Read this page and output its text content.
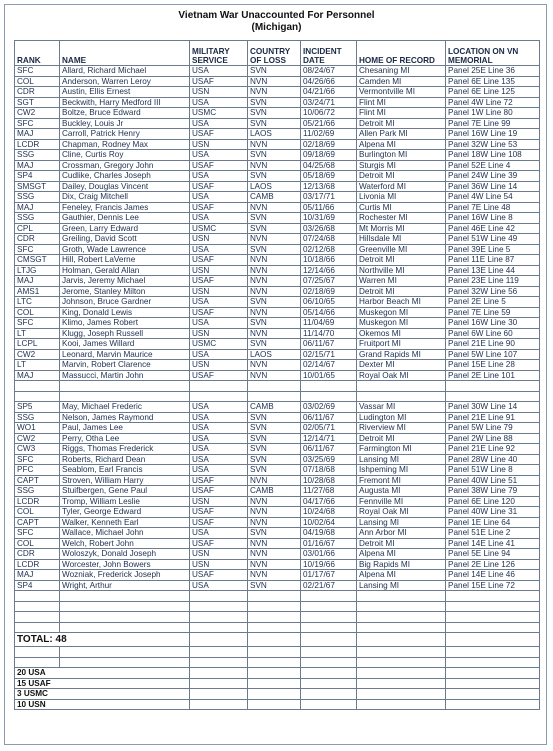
Vietnam War Unaccounted For Personnel
(Michigan)
RANK	NAME	MILITARY SERVICE	COUNTRY OF LOSS	INCIDENT DATE	HOME OF RECORD	LOCATION ON VN MEMORIAL
SFC	Allard, Richard Michael	USA	SVN	08/24/67	Chesaning MI	Panel 25E Line 36
COL	Anderson, Warren Leroy	USAF	NVN	04/26/66	Camden MI	Panel 6E Line 135
CDR	Austin, Ellis Ernest	USN	NVN	04/21/66	Vermontville MI	Panel 6E Line 125
SGT	Beckwith, Harry Medford III	USA	SVN	03/24/71	Flint MI	Panel 4W Line 72
CW2	Boltze, Bruce Edward	USMC	SVN	10/06/72	Flint MI	Panel 1W Line 80
SFC	Buckley, Louis Jr	USA	SVN	05/21/66	Detroit MI	Panel 7E Line 99
MAJ	Carroll, Patrick Henry	USAF	LAOS	11/02/69	Allen Park MI	Panel 16W Line 19
LCDR	Chapman, Rodney Max	USN	NVN	02/18/69	Alpena MI	Panel 32W Line 53
SSG	Cline, Curtis Roy	USA	SVN	09/18/69	Burlington MI	Panel 18W Line 108
MAJ	Crossman, Gregory John	USAF	NVN	04/25/68	Sturgis MI	Panel 52E Line 4
SP4	Cudlike, Charles Joseph	USA	SVN	05/18/69	Detroit MI	Panel 24W Line 39
SMSGT	Dailey, Douglas Vincent	USAF	LAOS	12/13/68	Waterford MI	Panel 36W Line 14
SSG	Dix, Craig Mitchell	USA	CAMB	03/17/71	Livonia MI	Panel 4W Line 54
MAJ	Feneley, Francis James	USAF	NVN	05/11/66	Curtis MI	Panel 7E Line 48
SSG	Gauthier, Dennis Lee	USA	SVN	10/31/69	Rochester MI	Panel 16W Line 8
CPL	Green, Larry Edward	USMC	SVN	03/26/68	Mt Morris MI	Panel 46E Line 42
CDR	Greiling, David Scott	USN	NVN	07/24/68	Hillsdale MI	Panel 51W Line 49
SFC	Groth, Wade Lawrence	USA	SVN	02/12/68	Greenville MI	Panel 39E Line 5
CMSGT	Hill, Robert LaVerne	USAF	NVN	10/18/66	Detroit MI	Panel 11E Line 87
LTJG	Holman, Gerald Allan	USN	NVN	12/14/66	Northville MI	Panel 13E Line 44
MAJ	Jarvis, Jeremy Michael	USAF	NVN	07/25/67	Warren MI	Panel 23E Line 119
AMS1	Jerome, Stanley Milton	USN	NVN	02/18/69	Detroit MI	Panel 32W Line 56
LTC	Johnson, Bruce Gardner	USA	SVN	06/10/65	Harbor Beach MI	Panel 2E Line 5
COL	King, Donald Lewis	USAF	NVN	05/14/66	Muskegon MI	Panel 7E Line 59
SFC	Klimo, James Robert	USA	SVN	11/04/69	Muskegon MI	Panel 16W Line 30
LT	Klugg, Joseph Russell	USN	NVN	11/14/70	Okemos MI	Panel 6W Line 60
LCPL	Kooi, James Willard	USMC	SVN	06/11/67	Fruitport MI	Panel 21E Line 90
CW2	Leonard, Marvin Maurice	USA	LAOS	02/15/71	Grand Rapids MI	Panel 5W Line 107
LT	Marvin, Robert Clarence	USN	NVN	02/14/67	Dexter MI	Panel 15E Line 28
MAJ	Massucci, Martin John	USAF	NVN	10/01/65	Royal Oak MI	Panel 2E Line 101

SP5	May, Michael Frederic	USA	CAMB	03/02/69	Vassar MI	Panel 30W Line 14
SSG	Nelson, James Raymond	USA	SVN	06/11/67	Ludington MI	Panel 21E Line 91
WO1	Paul, James Lee	USA	SVN	02/05/71	Riverview MI	Panel 5W Line 79
CW2	Perry, Otha Lee	USA	SVN	12/14/71	Detroit MI	Panel 2W Line 88
CW3	Riggs, Thomas Frederick	USA	SVN	06/11/67	Farmington MI	Panel 21E Line 92
SFC	Roberts, Richard Dean	USA	SVN	03/25/69	Lansing MI	Panel 28W Line 40
PFC	Seablom, Earl Francis	USA	SVN	07/18/68	Ishpeming MI	Panel 51W Line 8
CAPT	Stroven, William Harry	USAF	NVN	10/28/68	Fremont MI	Panel 40W Line 51
SSG	Stuifbergen, Gene Paul	USAF	CAMB	11/27/68	Augusta MI	Panel 38W Line 79
LCDR	Tromp, William Leslie	USN	NVN	04/17/66	Fennville MI	Panel 6E Line 120
COL	Tyler, George Edward	USAF	NVN	10/24/68	Royal Oak MI	Panel 40W Line 31
CAPT	Walker, Kenneth Earl	USAF	NVN	10/02/64	Lansing MI	Panel 1E Line 64
SFC	Wallace, Michael John	USA	SVN	04/19/68	Ann Arbor MI	Panel 51E Line 2
COL	Welch, Robert John	USAF	NVN	01/16/67	Detroit MI	Panel 14E Line 41
CDR	Woloszyk, Donald Joseph	USN	NVN	03/01/66	Alpena MI	Panel 5E Line 94
LCDR	Worcester, John Bowers	USN	NVN	10/19/66	Big Rapids MI	Panel 2E Line 126
MAJ	Wozniak, Frederick Joseph	USAF	NVN	01/17/67	Alpena MI	Panel 14E Line 46
SP4	Wright, Arthur	USA	SVN	02/21/67	Lansing MI	Panel 15E Line 72

TOTAL: 48						

20 USA						
15 USAF						
3 USMC						
10 USN						
